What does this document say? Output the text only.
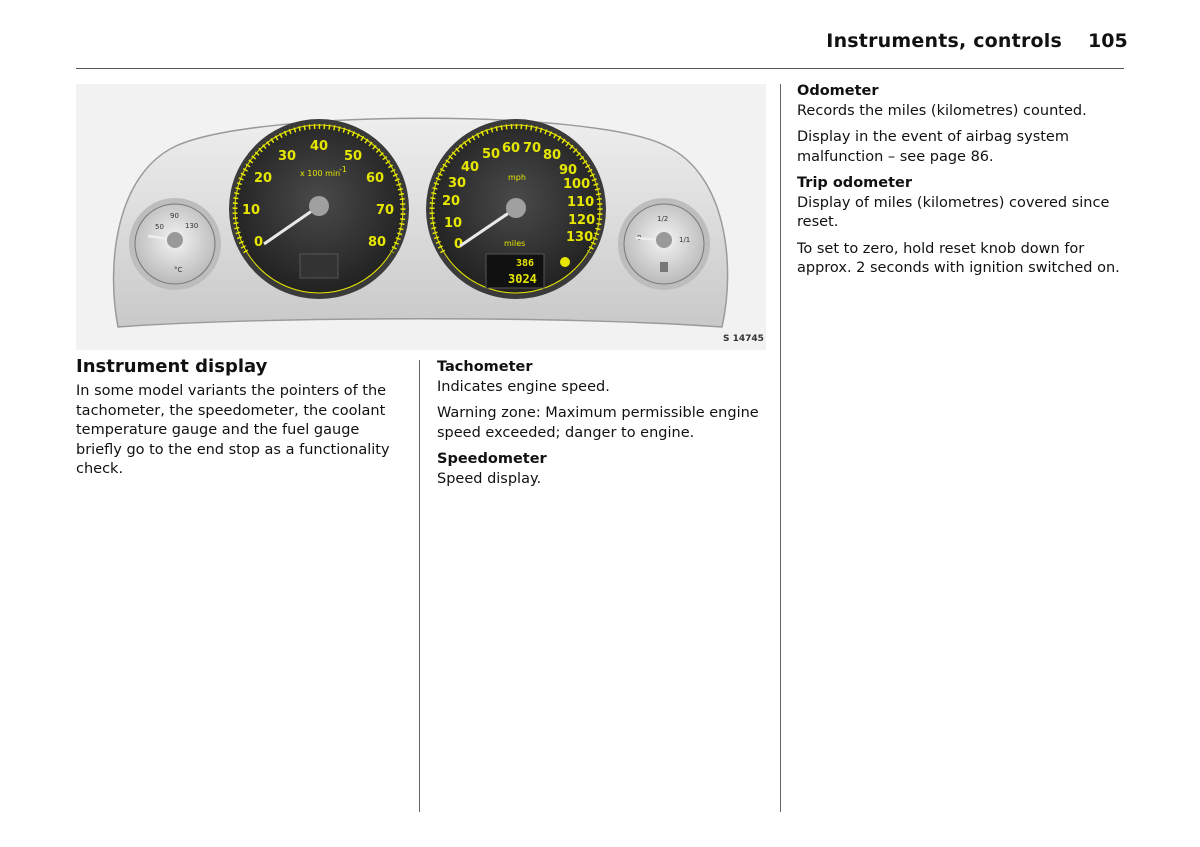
Instruments, controls 105
50
90
130
°C
1/2
1/1
0
10
20
30
40
50
60
70
80
x 100 min
-1
0
10
20
30
40
50 60 70 80
90
100
110
120
130
mph
miles
386
3024
S 14745
Instrument display

In some model variants the pointers of the tachometer, the speedometer, the coolant temperature gauge and the fuel gauge briefly go to the end stop as a functionality check.

Tachometer

Indicates engine speed.

Warning zone: Maximum permissible engine speed exceeded; danger to engine.

Speedometer

Speed display.

Odometer

Records the miles (kilometres) counted.

Display in the event of airbag system malfunction – see page 86.

Trip odometer

Display of miles (kilometres) covered since reset.

To set to zero, hold reset knob down for approx. 2 seconds with ignition switched on.
